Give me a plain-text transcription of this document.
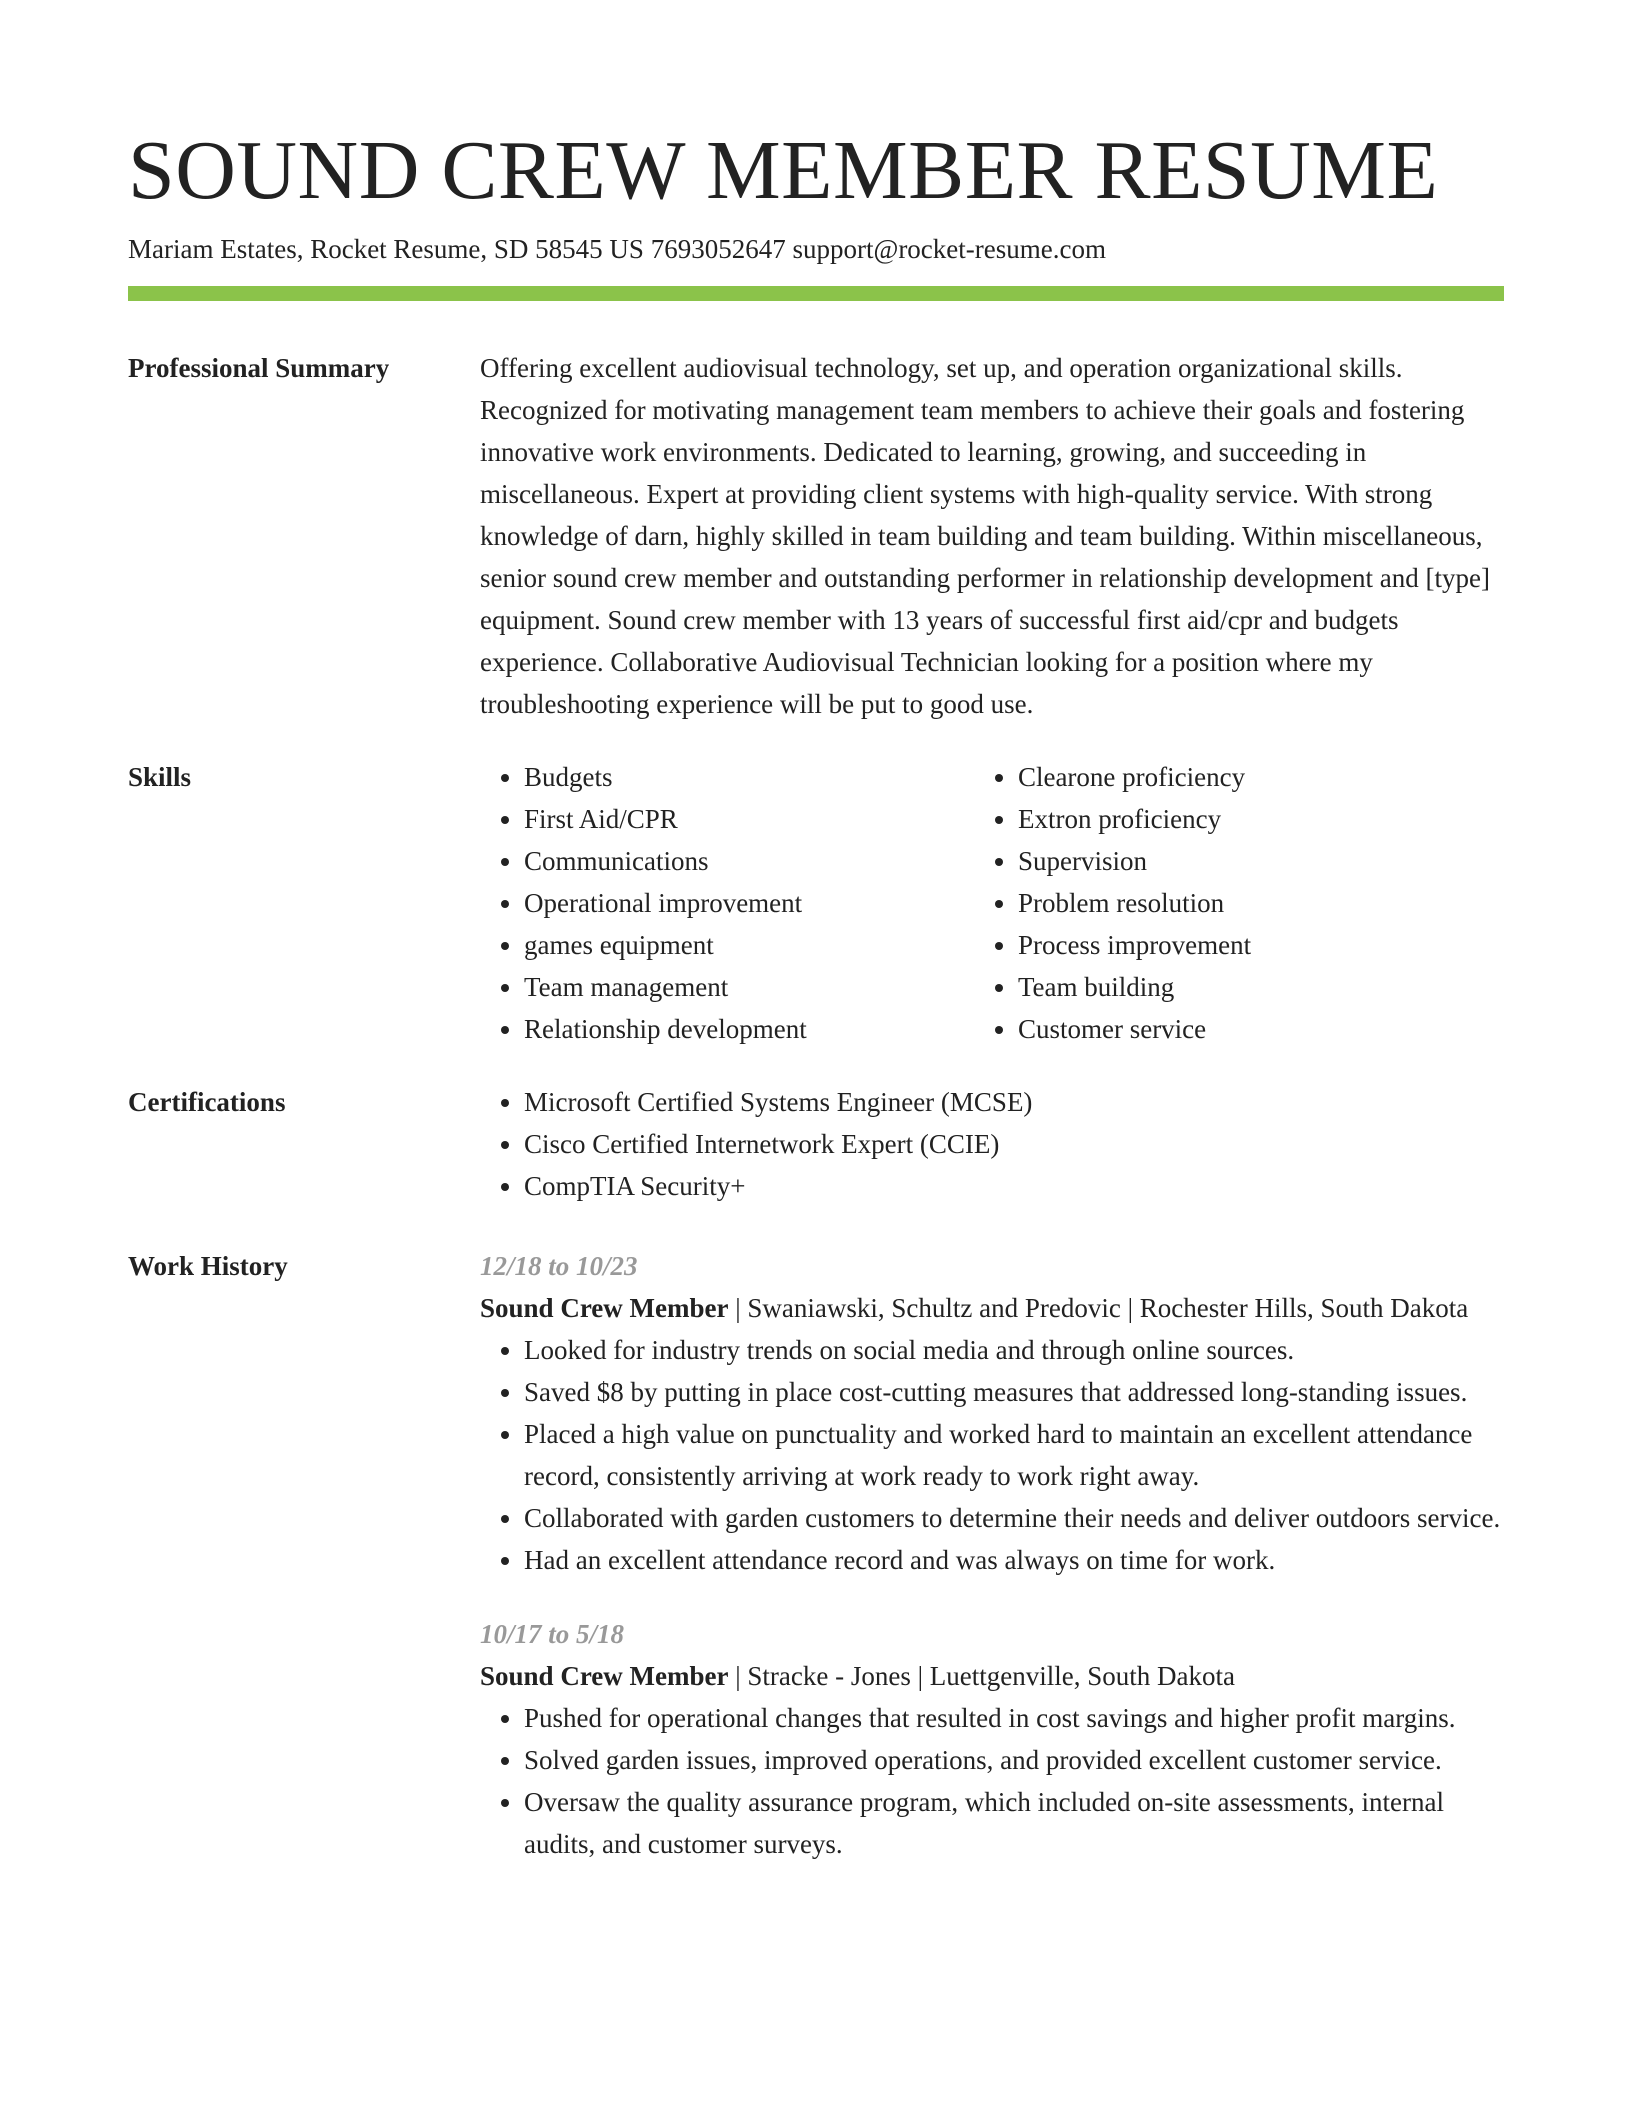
SOUND CREW MEMBER RESUME
Mariam Estates, Rocket Resume, SD 58545 US 7693052647 support@rocket-resume.com
Professional Summary	Offering excellent audiovisual technology, set up, and operation organizational skills. Recognized for motivating management team members to achieve their goals and fostering innovative work environments. Dedicated to learning, growing, and succeeding in miscellaneous. Expert at providing client systems with high-quality service. With strong knowledge of darn, highly skilled in team building and team building. Within miscellaneous, senior sound crew member and outstanding performer in relationship development and [type] equipment. Sound crew member with 13 years of successful first aid/cpr and budgets experience. Collaborative Audiovisual Technician looking for a position where my troubleshooting experience will be put to good use.

Skills	• Budgets
• First Aid/CPR
• Communications
• Operational improvement
• games equipment
• Team management
• Relationship development
• Clearone proficiency
• Extron proficiency
• Supervision
• Problem resolution
• Process improvement
• Team building
• Customer service
Certifications	• Microsoft Certified Systems Engineer (MCSE)
• Cisco Certified Internetwork Expert (CCIE)
• CompTIA Security+
Work History	12/18 to 10/23

Sound Crew Member | Swaniawski, Schultz and Predovic | Rochester Hills, South Dakota

• Looked for industry trends on social media and through online sources.
• Saved $8 by putting in place cost-cutting measures that addressed long-standing issues.
• Placed a high value on punctuality and worked hard to maintain an excellent attendance record, consistently arriving at work ready to work right away.
• Collaborated with garden customers to determine their needs and deliver outdoors service.
• Had an excellent attendance record and was always on time for work.

10/17 to 5/18

Sound Crew Member | Stracke - Jones | Luettgenville, South Dakota

• Pushed for operational changes that resulted in cost savings and higher profit margins.
• Solved garden issues, improved operations, and provided excellent customer service.
• Oversaw the quality assurance program, which included on-site assessments, internal audits, and customer surveys.
